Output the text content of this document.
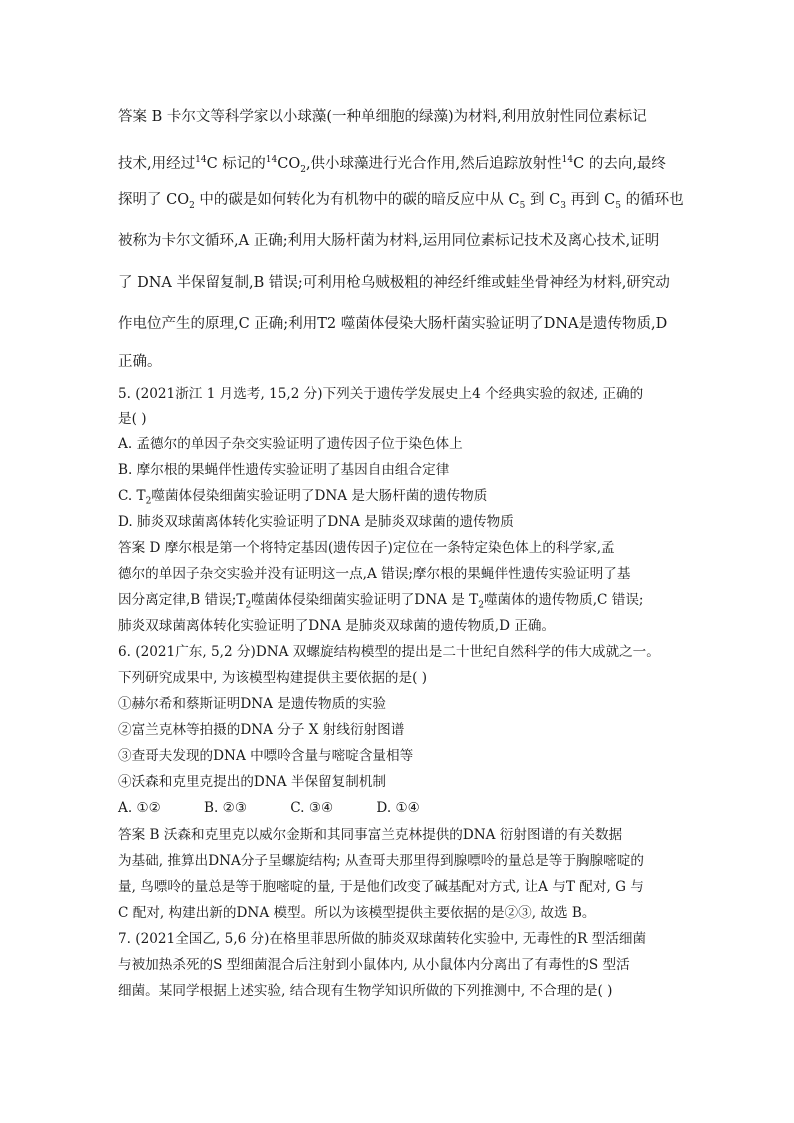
答案 B 卡尔文等科学家以小球藻(一种单细胞的绿藻)为材料,利用放射性同位素标记
技术,用经过$^{14}$C 标记的$^{14}CO_2$,供小球藻进行光合作用,然后追踪放射性$^{14}$C 的去向,最终
探明了 $CO_2$ 中的碳是如何转化为有机物中的碳的暗反应中从 $C_5$ 到 $C_3$ 再到 $C_5$ 的循环也
被称为卡尔文循环,A 正确;利用大肠杆菌为材料,运用同位素标记技术及离心技术,证明
了 DNA 半保留复制,B 错误;可利用枪乌贼极粗的神经纤维或蛙坐骨神经为材料,研究动
作电位产生的原理,C 正确;利用T2 噬菌体侵染大肠杆菌实验证明了DNA是遗传物质,D
正确。
5. (2021浙江 1 月选考, 15,2 分)下列关于遗传学发展史上4 个经典实验的叙述, 正确的
是( )
A. 孟德尔的单因子杂交实验证明了遗传因子位于染色体上
B. 摩尔根的果蝇伴性遗传实验证明了基因自由组合定律
C. $T_2$噬菌体侵染细菌实验证明了DNA 是大肠杆菌的遗传物质
D. 肺炎双球菌离体转化实验证明了DNA 是肺炎双球菌的遗传物质
答案 D 摩尔根是第一个将特定基因(遗传因子)定位在一条特定染色体上的科学家,孟
德尔的单因子杂交实验并没有证明这一点,A 错误;摩尔根的果蝇伴性遗传实验证明了基
因分离定律,B 错误$;T_2$噬菌体侵染细菌实验证明了DNA 是 $T_2$噬菌体的遗传物质,C 错误;
肺炎双球菌离体转化实验证明了DNA 是肺炎双球菌的遗传物质,D 正确。
6. (2021广东, 5,2 分)DNA 双螺旋结构模型的提出是二十世纪自然科学的伟大成就之一。
下列研究成果中, 为该模型构建提供主要依据的是( )
①赫尔希和蔡斯证明DNA 是遗传物质的实验
②富兰克林等拍摄的DNA 分子 X 射线衍射图谱
③查哥夫发现的DNA 中嘌呤含量与嘧啶含量相等
④沃森和克里克提出的DNA 半保留复制机制
A. ①②          B. ②③          C. ③④          D. ①④
答案 B 沃森和克里克以威尔金斯和其同事富兰克林提供的DNA 衍射图谱的有关数据
为基础, 推算出DNA分子呈螺旋结构; 从查哥夫那里得到腺嘌呤的量总是等于胸腺嘧啶的
量, 鸟嘌呤的量总是等于胞嘧啶的量, 于是他们改变了碱基配对方式, 让A 与T 配对, G 与
C 配对, 构建出新的DNA 模型。所以为该模型提供主要依据的是②③, 故选 B。
7. (2021全国乙, 5,6 分)在格里菲思所做的肺炎双球菌转化实验中, 无毒性的R 型活细菌
与被加热杀死的S 型细菌混合后注射到小鼠体内, 从小鼠体内分离出了有毒性的S 型活
细菌。某同学根据上述实验, 结合现有生物学知识所做的下列推测中, 不合理的是( )
